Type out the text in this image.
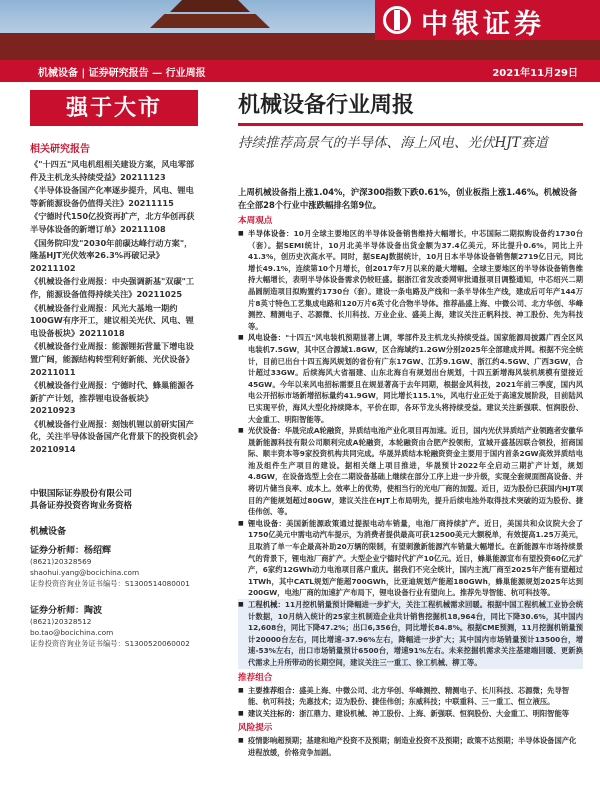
中银证券
机械设备 | 证券研究报告 — 行业周报	2021年11月29日
强于大市
相关研究报告
《"十四五"风电机组相关建设方案，风电零部件及主机龙头持续受益》20211123
《半导体设备国产化率逐步提升，风电、锂电等新能源设备仍值得关注》20211115
《宁德时代150亿投资再扩产，北方华创再获半导体设备的新增订单》20211108
《国务院印发"2030年前碳达峰行动方案"，隆基HJT光伏效率26.3%再破记录》20211102
《机械设备行业周报：中央强调新基"双碳"工作，能源设备值得持续关注》20211025
《机械设备行业周报：风光大基地一期约100GW有序开工，建议相关光伏、风电、锂电设备板块》20211018
《机械设备行业周报：能源锂拓营量下增电设置广阔，能源结构转型利好新能、光伏设备》20211011
《机械设备行业周报：宁德时代、蜂巢能源各新扩产计划，推荐锂电设备板块》20210923
《机械设备行业周报：刻蚀机锂以前研实国产化，关注半导体设备国产化背景下的投资机会》20210914
中银国际证券股份有限公司
具备证券投资咨询业务资格
机械设备
证券分析师：杨绍辉
(8621)20328569
shaohui.yang@bocichina.com
证券投资咨询业务证书编号：S1300514080001
证券分析师：陶波
(8621)20328512
bo.tao@bocichina.com
证券投资咨询业务证书编号：S1300520060002
机械设备行业周报
持续推荐高景气的半导体、海上风电、光伏HJT赛道
上周机械设备指上涨1.04%，沪深300指数下跌0.61%，创业板指上涨1.46%。机械设备在全部28个行业中涨跌幅排名第9位。
本周观点
■ 半导体设备：10月全球主要地区的半导体设备销售维持大幅增长，中芯国际二期拟购设备约1730台（套）。据SEMI统计，10月北美半导体设备出货金额为37.4亿美元，环比提升0.6%，同比上升41.3%，创历史次高水平。同时，据SEAJ数据统计，10月日本半导体设备销售额2719亿日元，同比增长49.1%，连续第10个月增长，创2017年7月以来的最大增幅。全球主要地区的半导体设备销售维持大幅增长，表明半导体设备需求仍较旺盛。据浙江省发改委网审批通报项目调整通知，中芯绍兴二期晶圆制造项目拟购置约1730台（套）。建设一条电路及产线和一条半导体生产线，建成后可年产144万片8英寸特色工艺集成电路和120万片6英寸化合物半导体。推荐晶盛上海、中微公司、北方华创、华峰测控、精测电子、芯源微、长川科技、万业企业、盛美上海，建议关注正帆科技、神工股份、先为科技等。
■ 风电设备："十四五"风电装机预期显著上调，零部件及主机龙头持续受益。国家能源局披露广西全区风电装机7.5GW，其中区合源域1.8GW，区合海域约1.2GW分别2025年全部建成并网。根据不完全统计，目前已出台十四五海风规划的省份有广东17GW、江苏9.1GW、浙江约4.5GW、广西3GW，合计超过33GW。后续海风大省福建、山东北海自有规划出台规划，十四五新增海风装机规模有望接近45GW。今年以来风电招标需要且在规显著高于去年同期，根据金风科技，2021年前三季度，国内风电公开招标市场新增招标量约41.9GW，同比增长115.1%，风电行业正处于高速发展阶段，目前陆风已实现平价，海风大型化持续降本，平价在即，各环节龙头将持续受益。建议关注新强联、恒润股份、大金重工、明阳智能等。
■ 光伏设备：华晟完成A轮融资，异质结电池产业化项目再加速。近日，国内光伏异质结产业领跑者安徽华晟新能源科技有限公司顺利完成A轮融资，本轮融资由合肥产投领衔，宣城开盛基因联合领投，招商国际、顺丰资本等9家投资机构共同完成。华晟异质结本轮融资资金主要用于国内首条2GW高效异质结电池及组件生产项目的建设。据相关继上项目推进，华晟预计2022年全启动三期扩产计划，规划4.8GW，在设备选型上会在二期设备基础上继续在部分工序上进一步升级，实现全套规面图高设备、并将切片储当良率、成本上。效率上的优势，使相当行的光电厂商的加盟。近日，迈为股份已获国内HJT项目的产能规划超过80GW，建议关注在HJT上布局明先，提升后续电池外取得技术突破的迈为股份、捷佳伟创、等。
■ 锂电设备：美国新能源政策通过提振电动车销量，电池厂商持续扩产。近日，美国共和众议院大会了1750亿美元中需电动汽车提示，为消费者提供最高可获12500美元大额税单，有效提高1.25万美元，且取消了单一车企最高补助20万辆的限制，有望刺激新能源汽车销量大幅增长。在新能源车市场持续景气的背景下，锂电池厂商扩产。大型企业宁德时代扩产10亿元。近日，蜂巢能源宣布有望投资60亿元扩产，6家约12GWh动力电池项目落户重庆。据我们不完全统计，国内主流厂商至2025年产能有望超过1TWh，其中CATL规划产能超700GWh，比亚迪规划产能超180GWh，蜂巢能源规划2025年达到200GW，电池厂商的加速扩产布局下，锂电设备行业有望向上。推荐先导智能、杭可科技等。
■ 工程机械：11月挖机销量预计降幅进一步扩大，关注工程机械需求回暖。根据中国工程机械工业协会统计数据，10月纳入统计的25家主机制造企业共计销售挖掘机18,964台，同比下降30.6%，其中国内12,608台，同比下降47.2%；出口6,356台，同比增长84.8%。根据CME预测，11月挖掘机销量预计20000台左右，同比增速-37.96%左右，降幅进一步扩大；其中国内市场销量预计13500台，增速-53%左右，出口市场销量预计6500台，增速91%左右。未来挖掘机需求关注基建端回暖、更新换代需求上升所带动的长期空间，建议关注三一重工、徐工机械、柳工等。
推荐组合
■ 主要推荐组合：盛美上海、中微公司、北方华创、华峰测控、精测电子、长川科技、芯源微；先导智能、杭可科技；先惠技术；迈为股份、捷佳伟创；东威科技；中联重科、三一重工、恒立液压。
■ 建议关注标的：浙江鼎力、建设机械、神工股份、上海、新强联、恒润股份、大金重工、明阳智能等
风险提示
■ 疫情影响超预期；基建和地产投资不及预期；制造业投资不及预期；政策不达预期；半导体设备国产化进程放缓，价格竞争加剧。
